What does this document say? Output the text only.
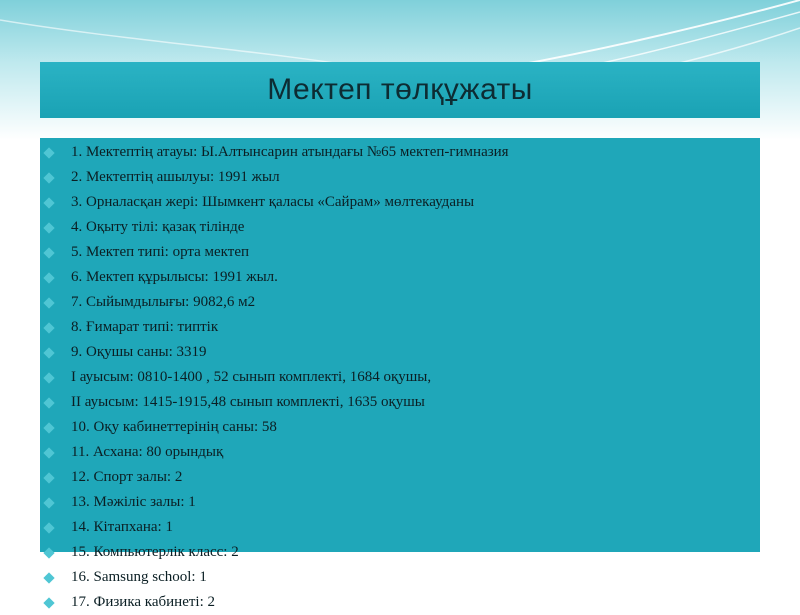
Мектеп төлқұжаты
1. Мектептің атауы: Ы.Алтынсарин атындағы №65 мектеп-гимназия
2. Мектептің ашылуы: 1991 жыл
3. Орналасқан жері: Шымкент қаласы «Сайрам» мөлтекауданы
4. Оқыту тілі: қазақ тілінде
5. Мектеп типі: орта мектеп
6. Мектеп құрылысы: 1991 жыл.
7. Сыйымдылығы: 9082,6 м2
8. Ғимарат типі: типтік
9. Оқушы саны: 3319
I ауысым: 0810-1400 , 52 сынып комплекті, 1684 оқушы,
II ауысым: 1415-1915,48 сынып комплекті, 1635 оқушы
10. Оқу кабинеттерінің саны: 58
11. Асхана: 80 орындық
12. Спорт залы: 2
13. Мәжіліс залы: 1
14. Кітапхана: 1
15. Компьютерлік класс: 2
16. Samsung school: 1
17. Физика кабинеті: 2
